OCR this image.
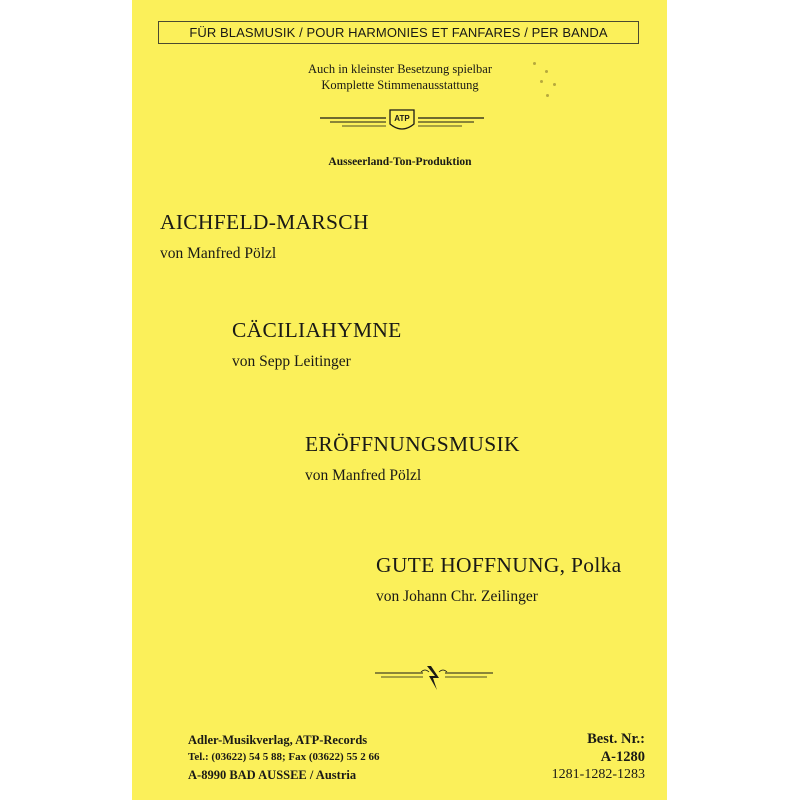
FÜR BLASMUSIK / POUR HARMONIES ET FANFARES / PER BANDA
Auch in kleinster Besetzung spielbar
Komplette Stimmenausstattung
ATP
Ausseerland-Ton-Produktion
AICHFELD-MARSCH
von Manfred Pölzl
CÄCILIAHYMNE
von Sepp Leitinger
ERÖFFNUNGSMUSIK
von Manfred Pölzl
GUTE HOFFNUNG, Polka
von Johann Chr. Zeilinger
Adler-Musikverlag, ATP-Records
Tel.: (03622) 54 5 88; Fax (03622) 55 2 66
A-8990 BAD AUSSEE / Austria
Best. Nr.:
A-1280
1281-1282-1283
